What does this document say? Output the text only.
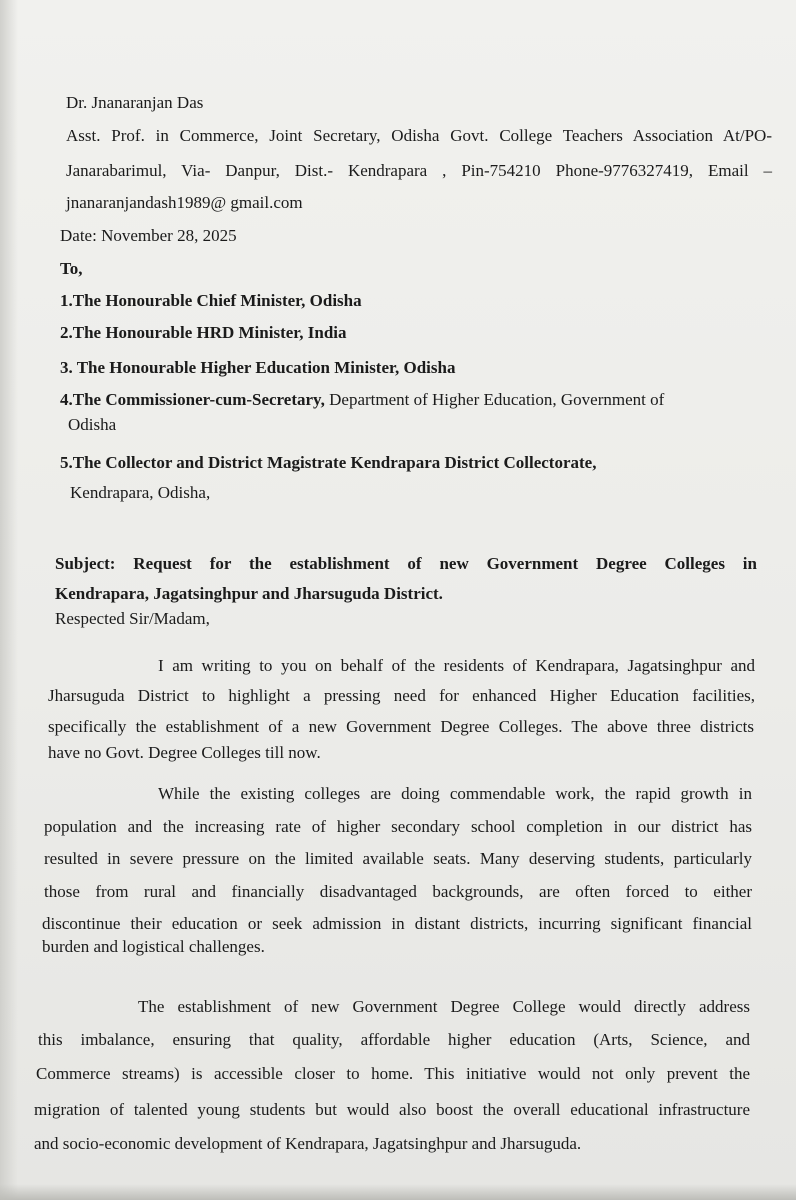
Dr. Jnanaranjan Das
Asst. Prof. in Commerce, Joint Secretary, Odisha Govt. College Teachers Association At/PO-
Janarabarimul, Via- Danpur, Dist.- Kendrapara , Pin-754210 Phone-9776327419, Email –
jnanaranjandash1989@ gmail.com
Date: November 28, 2025
To,
1.The Honourable Chief Minister, Odisha
2.The Honourable HRD Minister, India
3. The Honourable Higher Education Minister, Odisha
4.The Commissioner-cum-Secretary, Department of Higher Education, Government of
Odisha
5.The Collector and District Magistrate Kendrapara District Collectorate,
Kendrapara, Odisha,
Subject: Request for the establishment of new Government Degree Colleges in
Kendrapara, Jagatsinghpur and Jharsuguda District.
Respected Sir/Madam,
I am writing to you on behalf of the residents of Kendrapara, Jagatsinghpur and
Jharsuguda District to highlight a pressing need for enhanced Higher Education facilities,
specifically the establishment of a new Government Degree Colleges. The above three districts
have no Govt. Degree Colleges till now.
While the existing colleges are doing commendable work, the rapid growth in
population and the increasing rate of higher secondary school completion in our district has
resulted in severe pressure on the limited available seats. Many deserving students, particularly
those from rural and financially disadvantaged backgrounds, are often forced to either
discontinue their education or seek admission in distant districts, incurring significant financial
burden and logistical challenges.
The establishment of new Government Degree College would directly address
this imbalance, ensuring that quality, affordable higher education (Arts, Science, and
Commerce streams) is accessible closer to home. This initiative would not only prevent the
migration of talented young students but would also boost the overall educational infrastructure
and socio-economic development of Kendrapara, Jagatsinghpur and Jharsuguda.
